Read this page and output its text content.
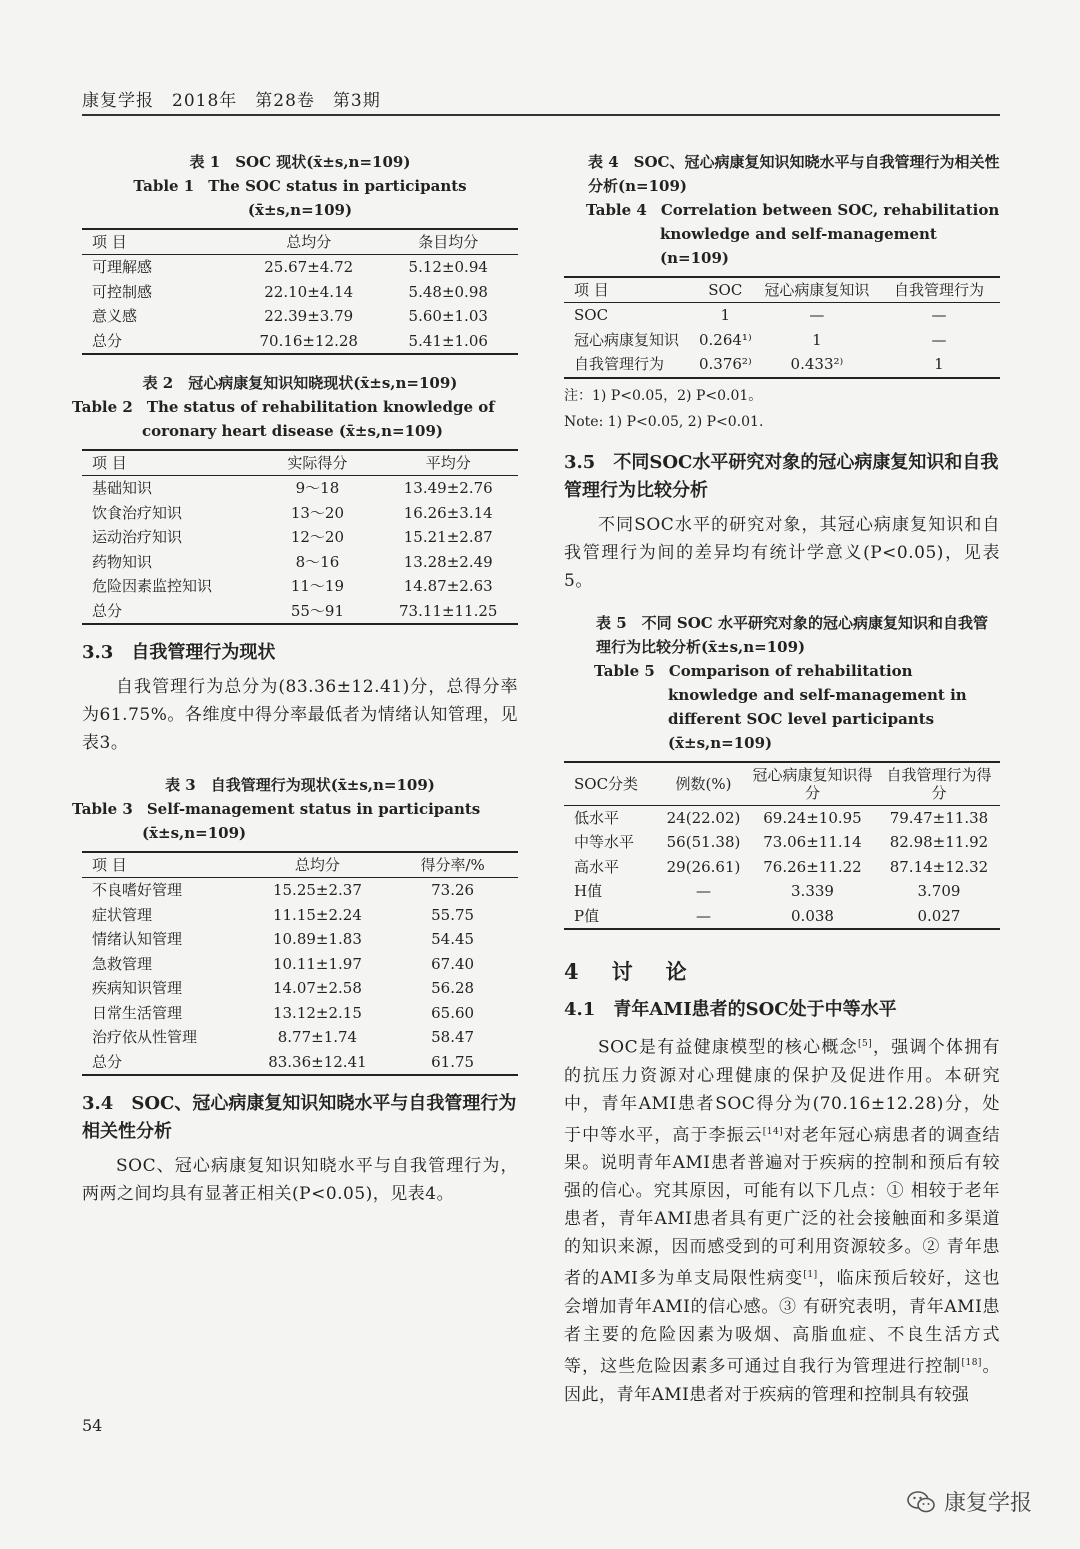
康复学报　2018年　第28卷　第3期
表 1　SOC 现状(x̄±s,n=109)
Table 1 The SOC status in participants (x̄±s,n=109)
项 目	总均分	条目均分
可理解感	25.67±4.72	5.12±0.94
可控制感	22.10±4.14	5.48±0.98
意义感	22.39±3.79	5.60±1.03
总分	70.16±12.28	5.41±1.06
表 2　冠心病康复知识知晓现状(x̄±s,n=109)
Table 2 The status of rehabilitation knowledge of coronary heart disease (x̄±s,n=109)
项 目	实际得分	平均分
基础知识	9～18	13.49±2.76
饮食治疗知识	13～20	16.26±3.14
运动治疗知识	12～20	15.21±2.87
药物知识	8～16	13.28±2.49
危险因素监控知识	11～19	14.87±2.63
总分	55～91	73.11±11.25
3.3　自我管理行为现状

自我管理行为总分为(83.36±12.41)分，总得分率为61.75%。各维度中得分率最低者为情绪认知管理，见表3。

表 3　自我管理行为现状(x̄±s,n=109)
Table 3 Self-management status in participants (x̄±s,n=109)
项 目	总均分	得分率/%
不良嗜好管理	15.25±2.37	73.26
症状管理	11.15±2.24	55.75
情绪认知管理	10.89±1.83	54.45
急救管理	10.11±1.97	67.40
疾病知识管理	14.07±2.58	56.28
日常生活管理	13.12±2.15	65.60
治疗依从性管理	8.77±1.74	58.47
总分	83.36±12.41	61.75
3.4　SOC、冠心病康复知识知晓水平与自我管理行为相关性分析

SOC、冠心病康复知识知晓水平与自我管理行为，两两之间均具有显著正相关(P<0.05)，见表4。

表 4　SOC、冠心病康复知识知晓水平与自我管理行为相关性分析(n=109)
Table 4 Correlation between SOC, rehabilitation knowledge and self-management (n=109)
项 目	SOC	冠心病康复知识	自我管理行为
SOC	1	—	—
冠心病康复知识	0.264¹⁾	1	—
自我管理行为	0.376²⁾	0.433²⁾	1
注：1) P<0.05，2) P<0.01。
Note: 1) P<0.05, 2) P<0.01.
3.5　不同SOC水平研究对象的冠心病康复知识和自我管理行为比较分析

不同SOC水平的研究对象，其冠心病康复知识和自我管理行为间的差异均有统计学意义(P<0.05)，见表5。

表 5　不同 SOC 水平研究对象的冠心病康复知识和自我管理行为比较分析(x̄±s,n=109)
Table 5 Comparison of rehabilitation knowledge and self-management in different SOC level participants (x̄±s,n=109)
SOC分类	例数(%)	冠心病康复知识得分	自我管理行为得分
低水平	24(22.02)	69.24±10.95	79.47±11.38
中等水平	56(51.38)	73.06±11.14	82.98±11.92
高水平	29(26.61)	76.26±11.22	87.14±12.32
H值	—	3.339	3.709
P值	—	0.038	0.027
4　讨　论
4.1　青年AMI患者的SOC处于中等水平

SOC是有益健康模型的核心概念[5]，强调个体拥有的抗压力资源对心理健康的保护及促进作用。本研究中，青年AMI患者SOC得分为(70.16±12.28)分，处于中等水平，高于李振云[14]对老年冠心病患者的调查结果。说明青年AMI患者普遍对于疾病的控制和预后有较强的信心。究其原因，可能有以下几点：① 相较于老年患者，青年AMI患者具有更广泛的社会接触面和多渠道的知识来源，因而感受到的可利用资源较多。② 青年患者的AMI多为单支局限性病变[1]，临床预后较好，这也会增加青年AMI的信心感。③ 有研究表明，青年AMI患者主要的危险因素为吸烟、高脂血症、不良生活方式等，这些危险因素多可通过自我行为管理进行控制[18]。因此，青年AMI患者对于疾病的管理和控制具有较强

54
康复学报
